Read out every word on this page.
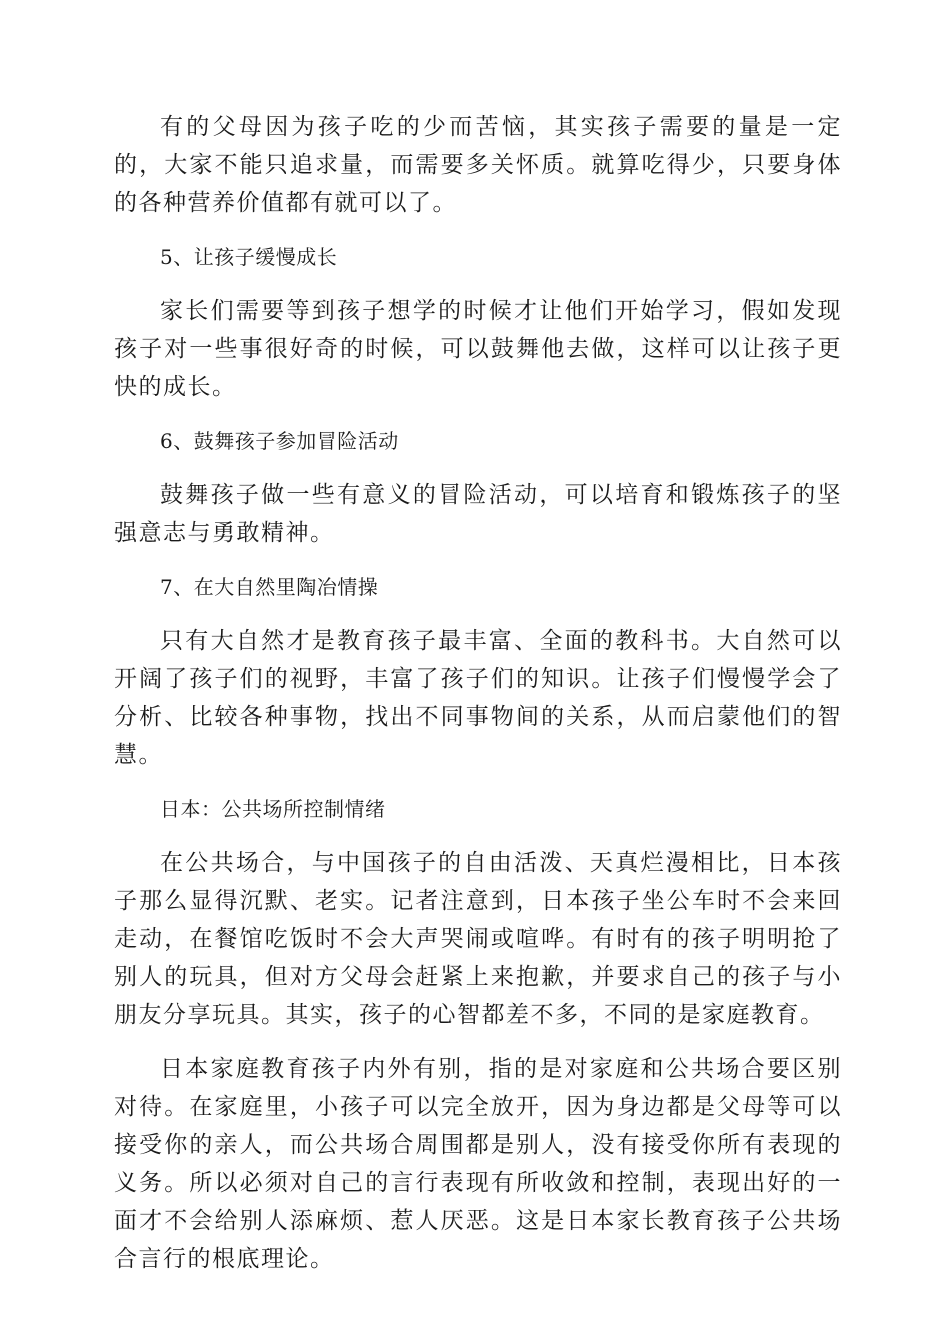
有的父母因为孩子吃的少而苦恼，其实孩子需要的量是一定的，大家不能只追求量，而需要多关怀质。就算吃得少，只要身体的各种营养价值都有就可以了。

5、让孩子缓慢成长

家长们需要等到孩子想学的时候才让他们开始学习，假如发现孩子对一些事很好奇的时候，可以鼓舞他去做，这样可以让孩子更快的成长。

6、鼓舞孩子参加冒险活动

鼓舞孩子做一些有意义的冒险活动，可以培育和锻炼孩子的坚强意志与勇敢精神。

7、在大自然里陶冶情操

只有大自然才是教育孩子最丰富、全面的教科书。大自然可以开阔了孩子们的视野，丰富了孩子们的知识。让孩子们慢慢学会了分析、比较各种事物，找出不同事物间的关系，从而启蒙他们的智慧。

日本：公共场所控制情绪

在公共场合，与中国孩子的自由活泼、天真烂漫相比，日本孩子那么显得沉默、老实。记者注意到，日本孩子坐公车时不会来回走动，在餐馆吃饭时不会大声哭闹或喧哗。有时有的孩子明明抢了别人的玩具，但对方父母会赶紧上来抱歉，并要求自己的孩子与小朋友分享玩具。其实，孩子的心智都差不多，不同的是家庭教育。

日本家庭教育孩子内外有别，指的是对家庭和公共场合要区别对待。在家庭里，小孩子可以完全放开，因为身边都是父母等可以接受你的亲人，而公共场合周围都是别人，没有接受你所有表现的义务。所以必须对自己的言行表现有所收敛和控制，表现出好的一面才不会给别人添麻烦、惹人厌恶。这是日本家长教育孩子公共场合言行的根底理论。
